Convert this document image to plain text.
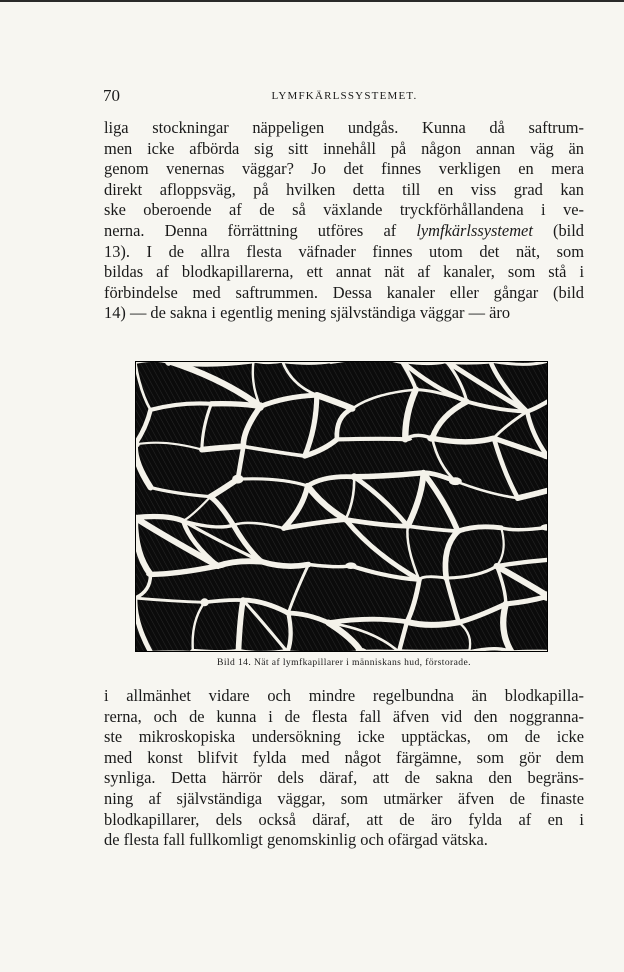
70	LYMFKÄRLSSYSTEMET.
liga stockningar näppeligen undgås. Kunna då saftrum-
men icke afbörda sig sitt innehåll på någon annan väg än
genom venernas väggar? Jo det finnes verkligen en mera
direkt afloppsväg, på hvilken detta till en viss grad kan
ske oberoende af de så växlande tryckförhållandena i ve-
nerna. Denna förrättning utföres af lymfkärlssystemet (bild
13). I de allra flesta väfnader finnes utom det nät, som
bildas af blodkapillarerna, ett annat nät af kanaler, som stå i
förbindelse med saftrummen. Dessa kanaler eller gångar (bild
14) — de sakna i egentlig mening självständiga väggar — äro
Bild 14. Nät af lymfkapillarer i människans hud, förstorade.
i allmänhet vidare och mindre regelbundna än blodkapilla-
rerna, och de kunna i de flesta fall äfven vid den noggranna-
ste mikroskopiska undersökning icke upptäckas, om de icke
med konst blifvit fylda med något färgämne, som gör dem
synliga. Detta härrör dels däraf, att de sakna den begräns-
ning af självständiga väggar, som utmärker äfven de finaste
blodkapillarer, dels också däraf, att de äro fylda af en i
de flesta fall fullkomligt genomskinlig och ofärgad vätska.
